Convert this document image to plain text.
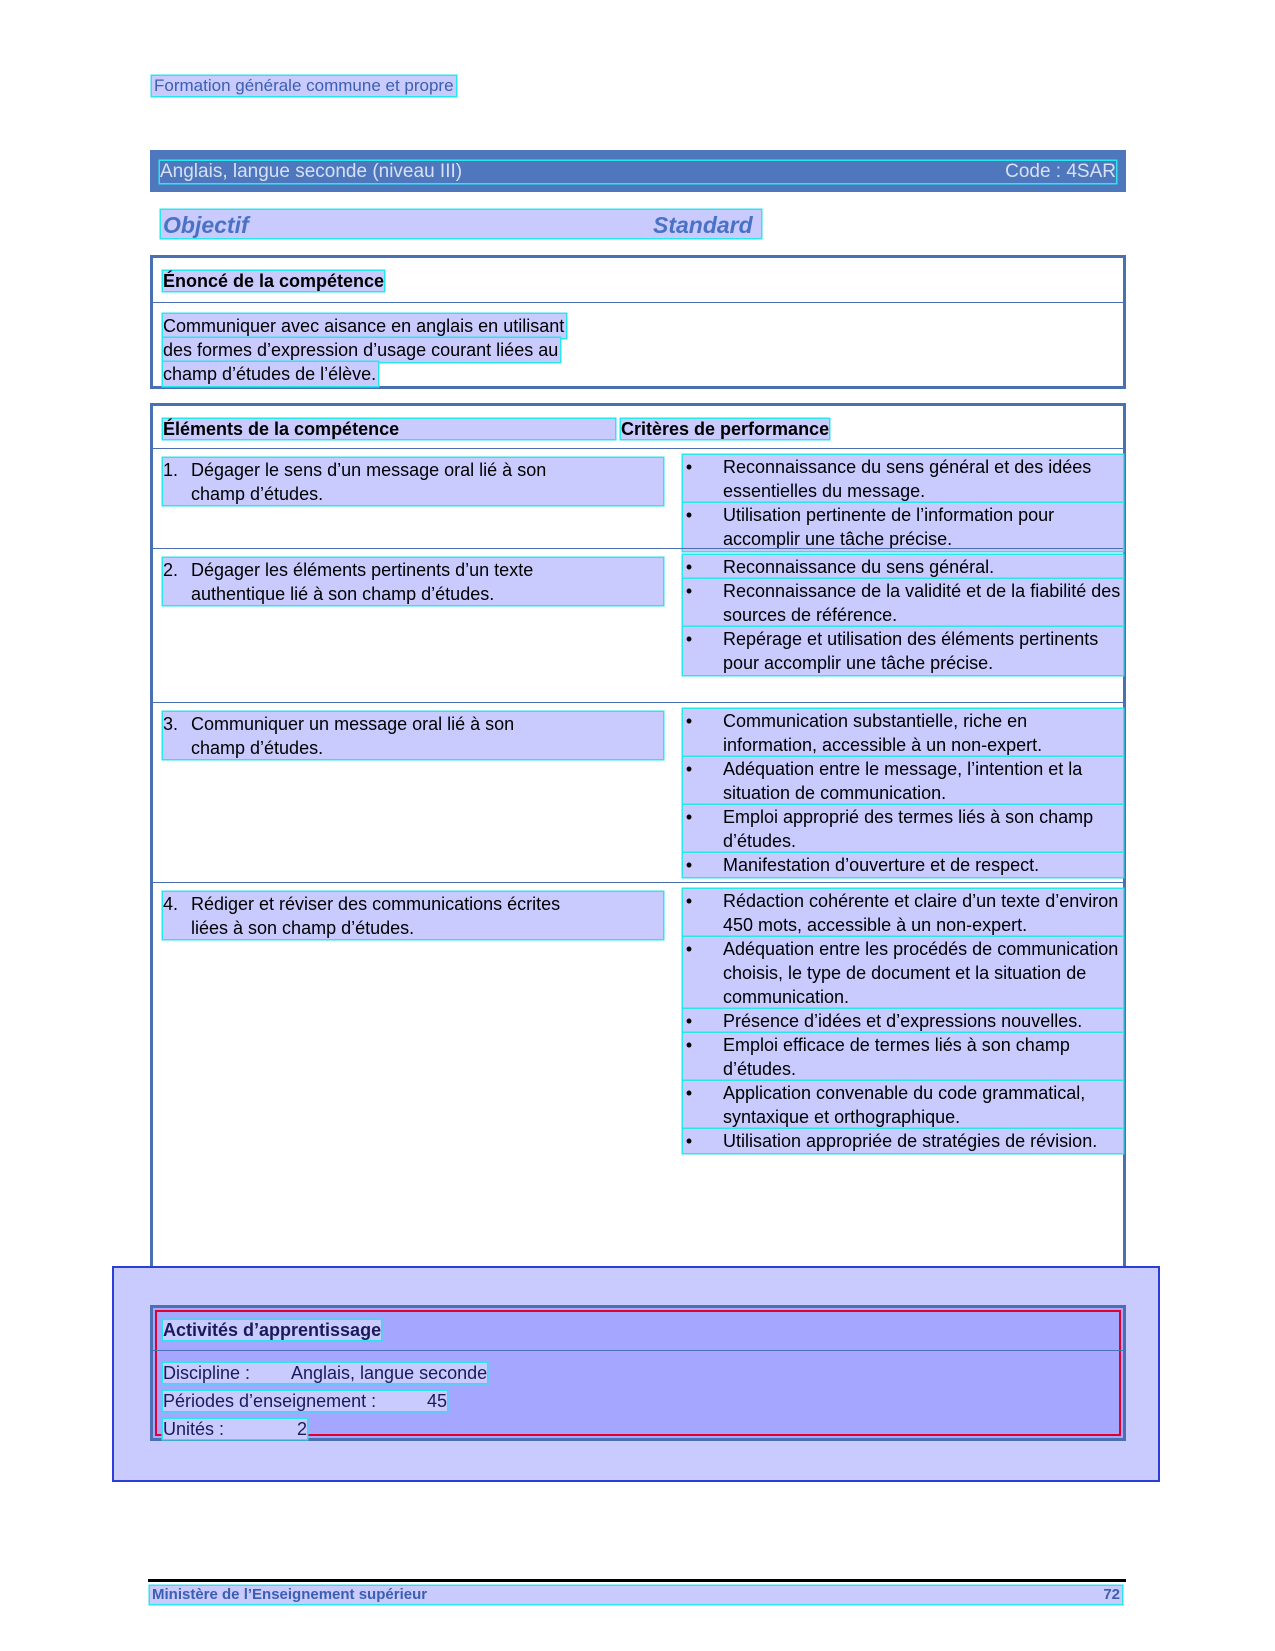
Formation générale commune et propre
Anglais, langue seconde (niveau III)	Code : 4SAR
Objectif	Standard
Énoncé de la compétence
Communiquer avec aisance en anglais en utilisant
des formes d’expression d’usage courant liées au
champ d’études de l’élève.
Éléments de la compétence	Critères de performance
1. Dégager le sens d’un message oral lié à son
champ d’études.
• Reconnaissance du sens général et des idées essentielles du message.
• Utilisation pertinente de l’information pour accomplir une tâche précise.
2. Dégager les éléments pertinents d’un texte
authentique lié à son champ d’études.
• Reconnaissance du sens général.
• Reconnaissance de la validité et de la fiabilité des sources de référence.
• Repérage et utilisation des éléments pertinents pour accomplir une tâche précise.
3. Communiquer un message oral lié à son
champ d’études.
• Communication substantielle, riche en information, accessible à un non-expert.
• Adéquation entre le message, l’intention et la situation de communication.
• Emploi approprié des termes liés à son champ d’études.
• Manifestation d’ouverture et de respect.
4. Rédiger et réviser des communications écrites
liées à son champ d’études.
• Rédaction cohérente et claire d’un texte d’environ 450 mots, accessible à un non-expert.
• Adéquation entre les procédés de communication choisis, le type de document et la situation de communication.
• Présence d’idées et d’expressions nouvelles.
• Emploi efficace de termes liés à son champ d’études.
• Application convenable du code grammatical, syntaxique et orthographique.
• Utilisation appropriée de stratégies de révision.
Activités d’apprentissage
Discipline : Anglais, langue seconde
Périodes d’enseignement :	45
Unités :	2
Ministère de l’Enseignement supérieur	72
